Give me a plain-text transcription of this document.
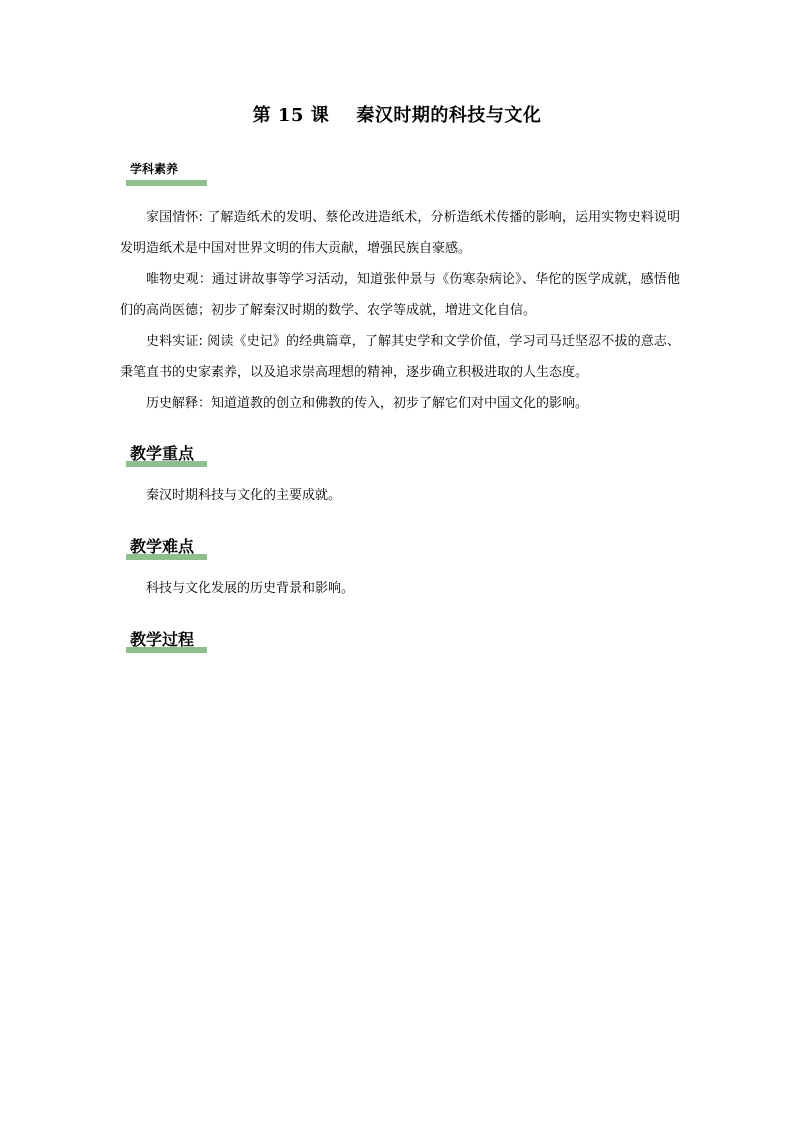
第 15 课 秦汉时期的科技与文化
学科素养

家国情怀: 了解造纸术的发明、蔡伦改进造纸术，分析造纸术传播的影响，运用实物史料说明发明造纸术是中国对世界文明的伟大贡献，增强民族自豪感。

唯物史观：通过讲故事等学习活动，知道张仲景与《伤寒杂病论》、华佗的医学成就，感悟他们的高尚医德；初步了解秦汉时期的数学、农学等成就，增进文化自信。

史料实证: 阅读《史记》的经典篇章，了解其史学和文学价值，学习司马迁坚忍不拔的意志、秉笔直书的史家素养，以及追求崇高理想的精神，逐步确立积极进取的人生态度。

历史解释：知道道教的创立和佛教的传入，初步了解它们对中国文化的影响。

教学重点
秦汉时期科技与文化的主要成就。
教学难点
科技与文化发展的历史背景和影响。
教学过程
